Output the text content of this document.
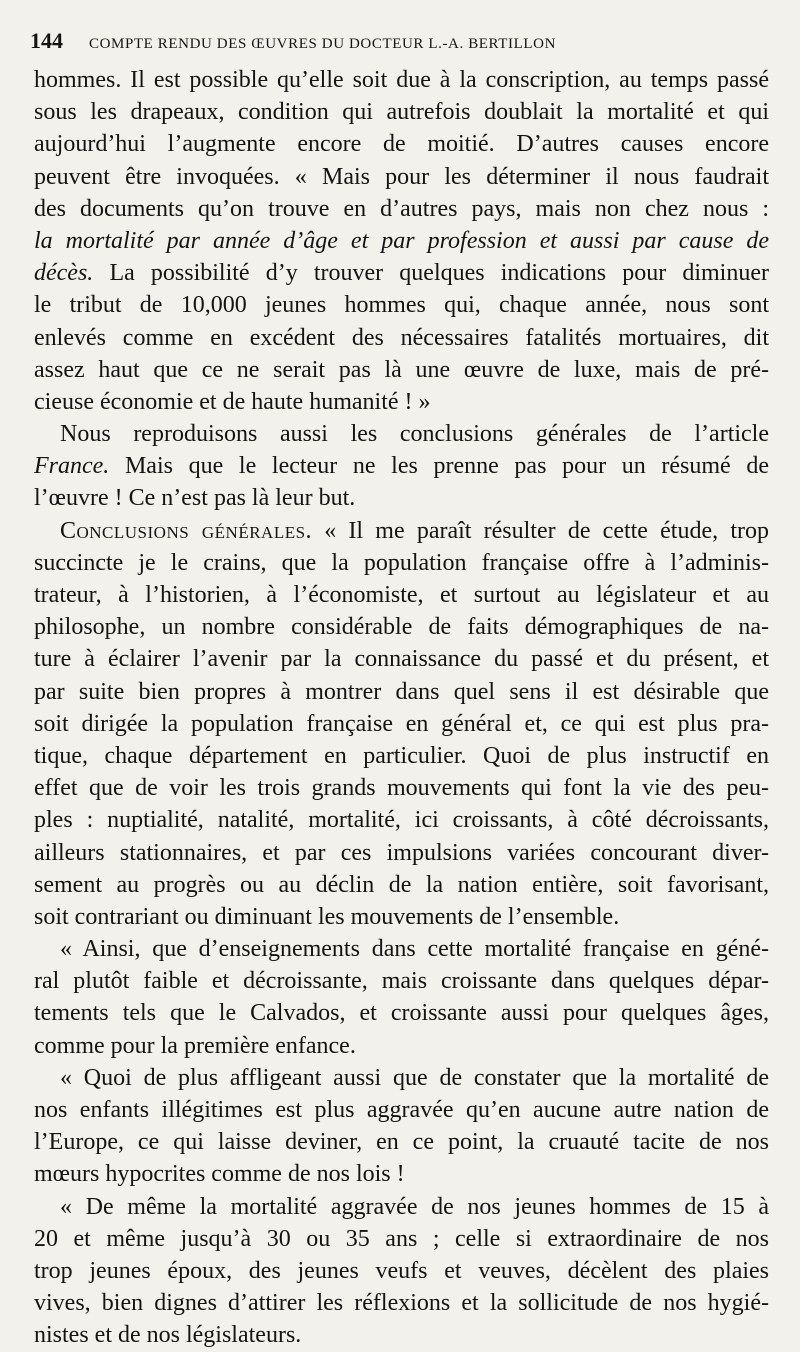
144 COMPTE RENDU DES ŒUVRES DU DOCTEUR L.-A. BERTILLON
hommes. Il est possible qu’elle soit due à la conscription, au temps passé
sous les drapeaux, condition qui autrefois doublait la mortalité et qui
aujourd’hui l’augmente encore de moitié. D’autres causes encore
peuvent être invoquées. « Mais pour les déterminer il nous faudrait
des documents qu’on trouve en d’autres pays, mais non chez nous :
la mortalité par année d’âge et par profession et aussi par cause de
décès. La possibilité d’y trouver quelques indications pour diminuer
le tribut de 10,000 jeunes hommes qui, chaque année, nous sont
enlevés comme en excédent des nécessaires fatalités mortuaires, dit
assez haut que ce ne serait pas là une œuvre de luxe, mais de pré-
cieuse économie et de haute humanité ! »
Nous reproduisons aussi les conclusions générales de l’article
France. Mais que le lecteur ne les prenne pas pour un résumé de
l’œuvre ! Ce n’est pas là leur but.
Conclusions générales. « Il me paraît résulter de cette étude, trop
succincte je le crains, que la population française offre à l’adminis-
trateur, à l’historien, à l’économiste, et surtout au législateur et au
philosophe, un nombre considérable de faits démographiques de na-
ture à éclairer l’avenir par la connaissance du passé et du présent, et
par suite bien propres à montrer dans quel sens il est désirable que
soit dirigée la population française en général et, ce qui est plus pra-
tique, chaque département en particulier. Quoi de plus instructif en
effet que de voir les trois grands mouvements qui font la vie des peu-
ples : nuptialité, natalité, mortalité, ici croissants, à côté décroissants,
ailleurs stationnaires, et par ces impulsions variées concourant diver-
sement au progrès ou au déclin de la nation entière, soit favorisant,
soit contrariant ou diminuant les mouvements de l’ensemble.
« Ainsi, que d’enseignements dans cette mortalité française en géné-
ral plutôt faible et décroissante, mais croissante dans quelques dépar-
tements tels que le Calvados, et croissante aussi pour quelques âges,
comme pour la première enfance.
« Quoi de plus affligeant aussi que de constater que la mortalité de
nos enfants illégitimes est plus aggravée qu’en aucune autre nation de
l’Europe, ce qui laisse deviner, en ce point, la cruauté tacite de nos
mœurs hypocrites comme de nos lois !
« De même la mortalité aggravée de nos jeunes hommes de 15 à
20 et même jusqu’à 30 ou 35 ans ; celle si extraordinaire de nos
trop jeunes époux, des jeunes veufs et veuves, décèlent des plaies
vives, bien dignes d’attirer les réflexions et la sollicitude de nos hygié-
nistes et de nos législateurs.
